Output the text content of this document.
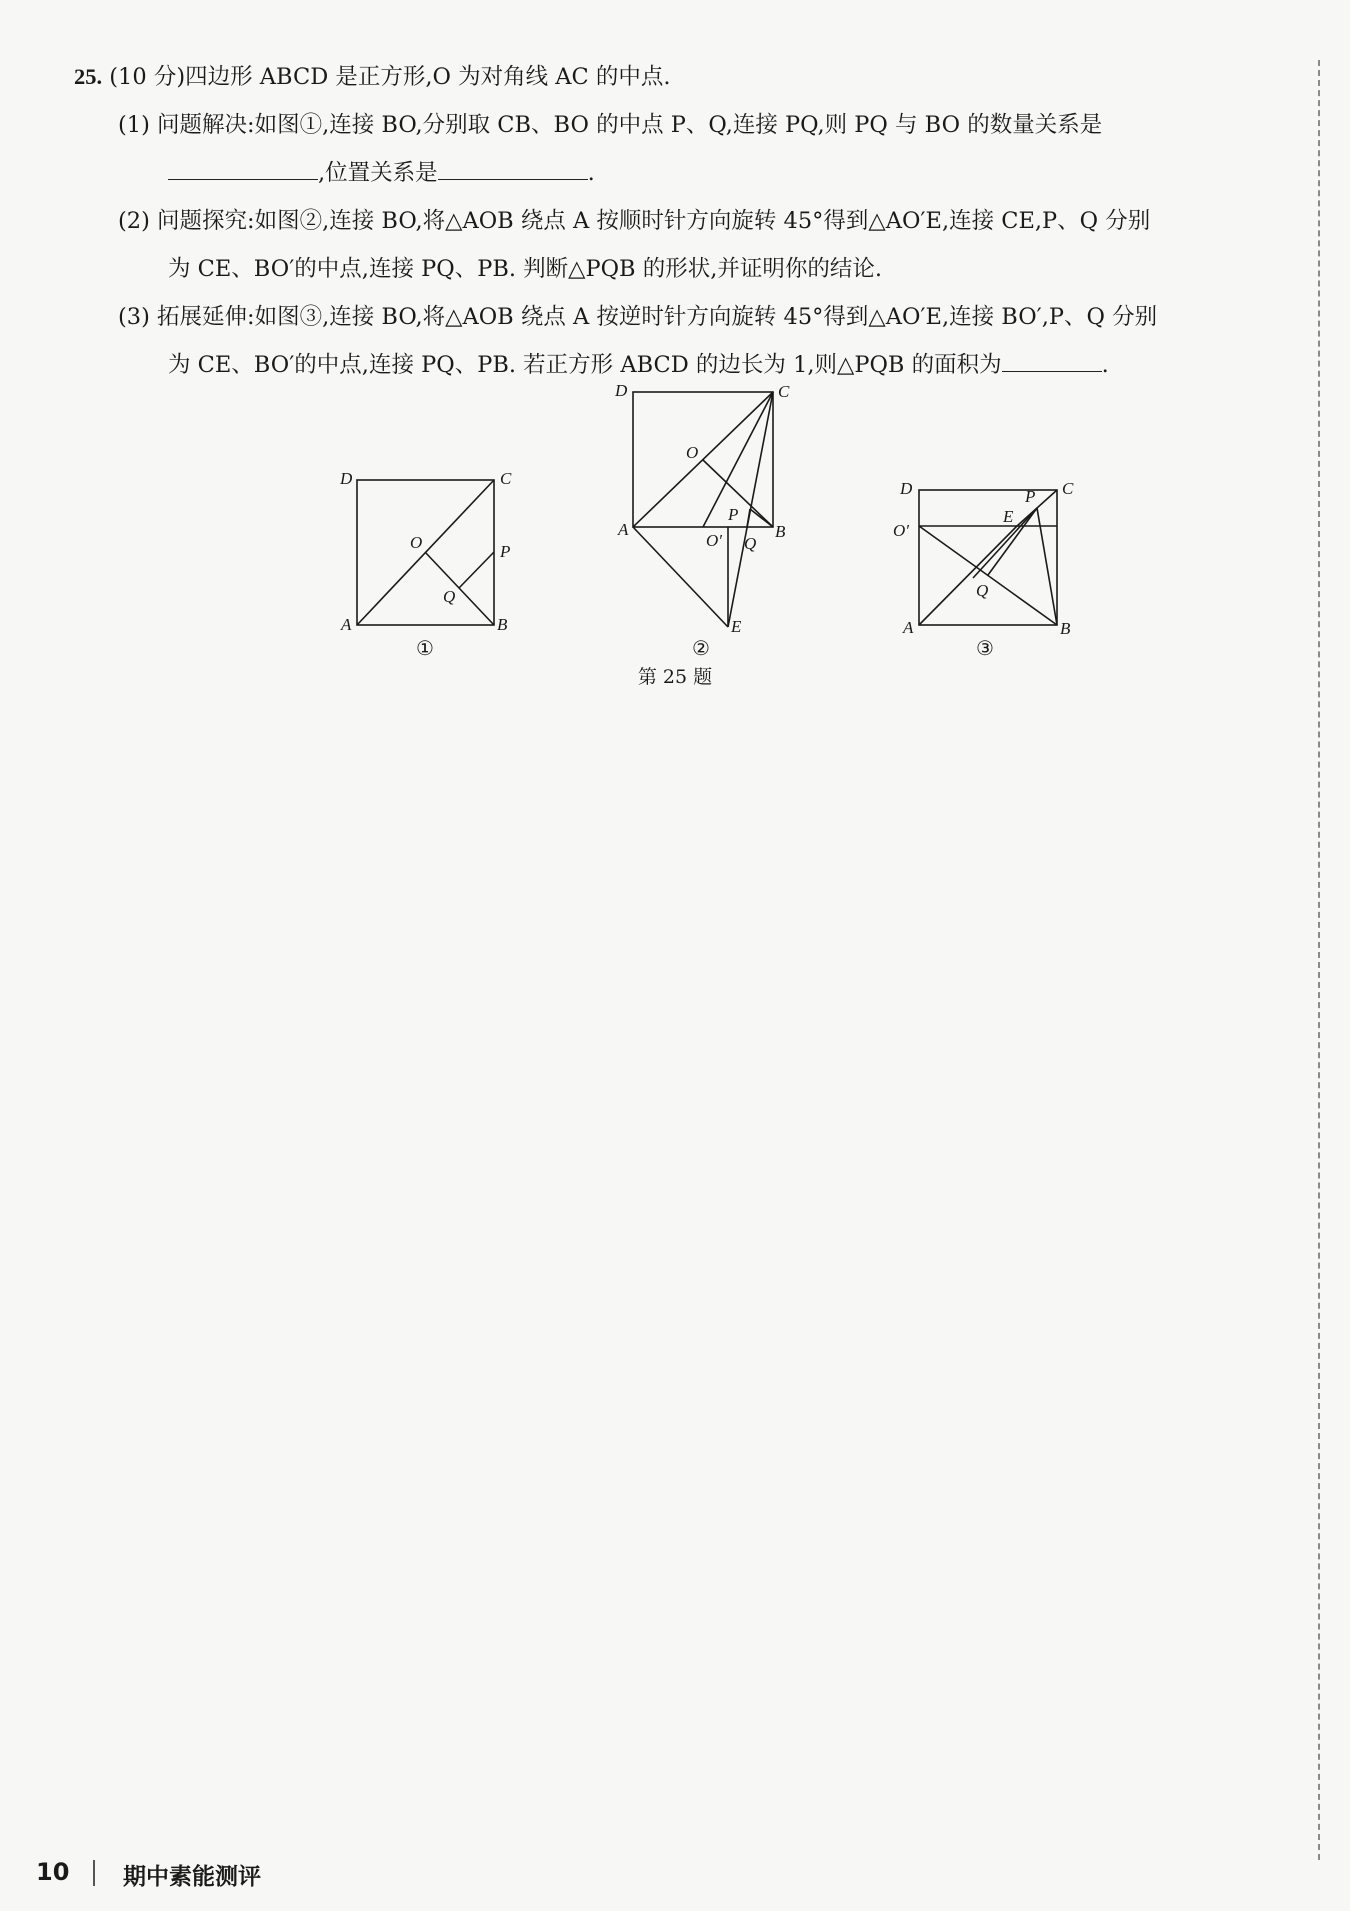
25. (10 分)四边形 ABCD 是正方形,O 为对角线 AC 的中点.
(1) 问题解决:如图①,连接 BO,分别取 CB、BO 的中点 P、Q,连接 PQ,则 PQ 与 BO 的数量关系是
,位置关系是	.
(2) 问题探究:如图②,连接 BO,将△AOB 绕点 A 按顺时针方向旋转 45°得到△AO′E,连接 CE,P、Q 分别
为 CE、BO′的中点,连接 PQ、PB. 判断△PQB 的形状,并证明你的结论.
(3) 拓展延伸:如图③,连接 BO,将△AOB 绕点 A 按逆时针方向旋转 45°得到△AO′E,连接 BO′,P、Q 分别
为 CE、BO′的中点,连接 PQ、PB. 若正方形 ABCD 的边长为 1,则△PQB 的面积为	.
D	C
O	P
Q
A	B
①
D	C
O
P
A	B
O′ Q
E
②
D	C
P
E
O′
Q
A	B
③
第 25 题
10 期中素能测评
